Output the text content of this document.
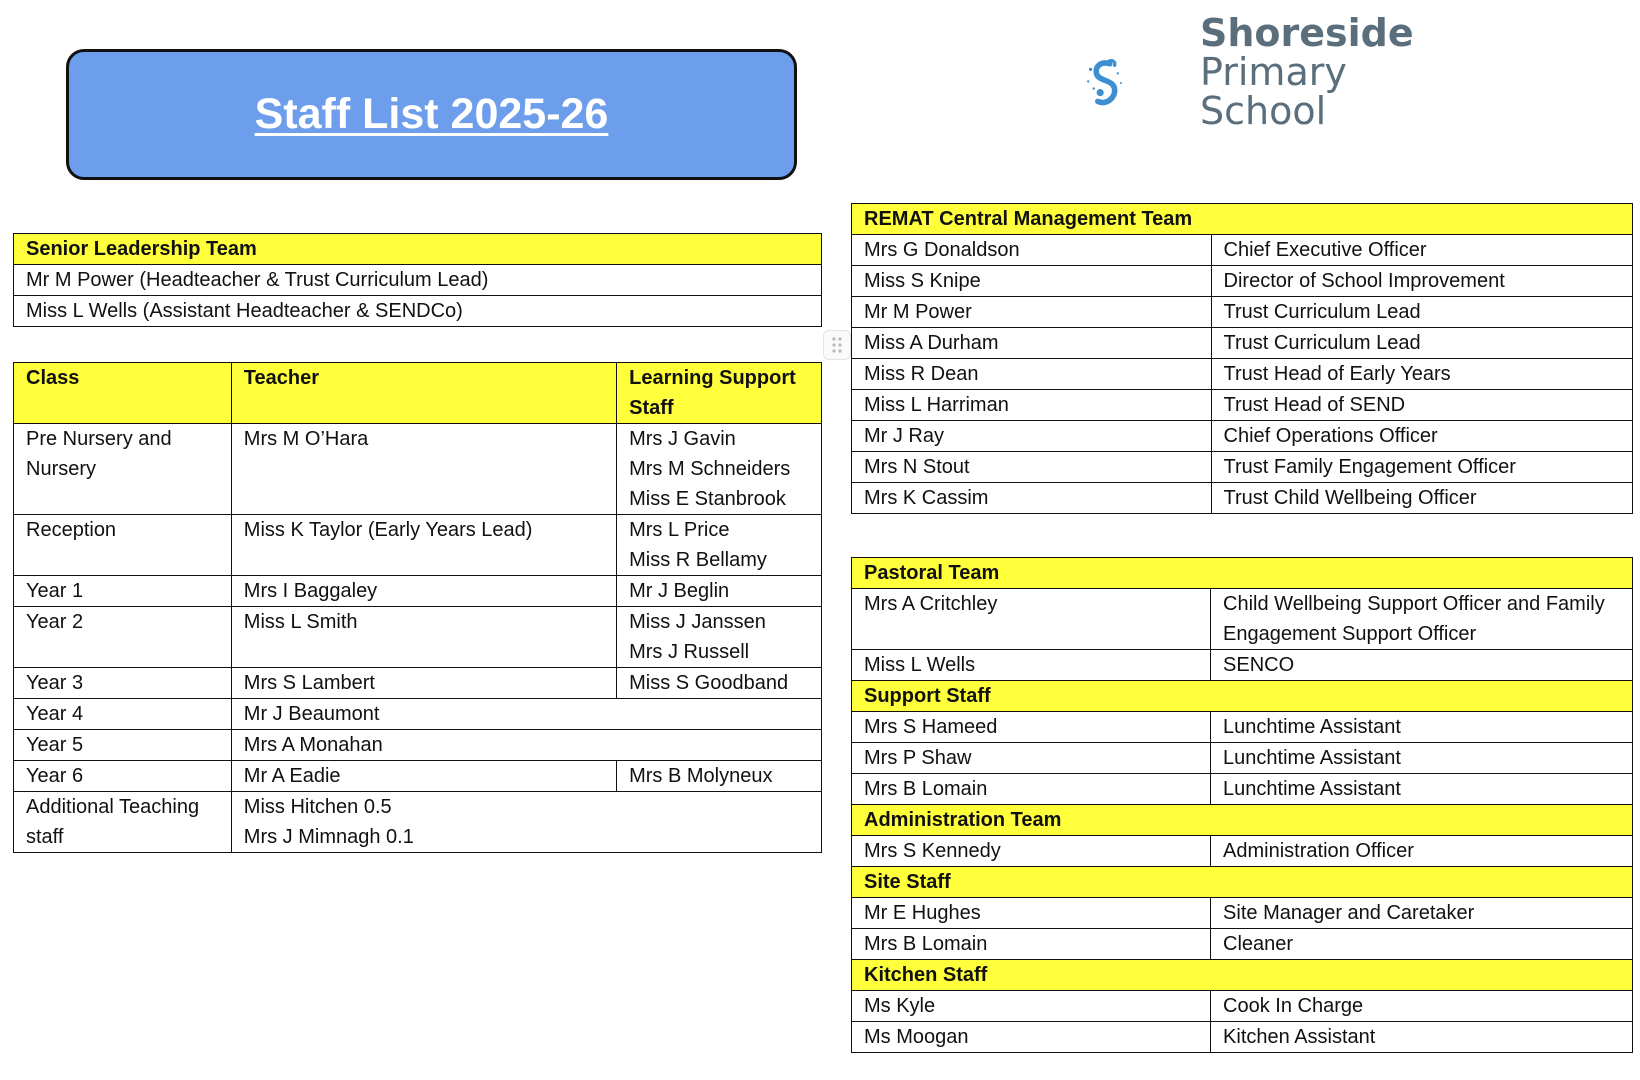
Staff List 2025-26
Shoreside
Primary
School
Senior Leadership Team
Mr M Power (Headteacher & Trust Curriculum Lead)
Miss L Wells (Assistant Headteacher & SENDCo)
Class	Teacher	Learning Support
Staff

Pre Nursery and
Nursery	Mrs M O’Hara	Mrs J Gavin
Mrs M Schneiders
Miss E Stanbrook

Reception	Miss K Taylor (Early Years Lead)	Mrs L Price
Miss R Bellamy

Year 1	Mrs I Baggaley	Mr J Beglin

Year 2	Miss L Smith	Miss J Janssen
Mrs J Russell

Year 3	Mrs S Lambert	Miss S Goodband

Year 4	Mr J Beaumont	

Year 5	Mrs A Monahan	

Year 6	Mr A Eadie	Mrs B Molyneux

Additional Teaching
staff	Miss Hitchen 0.5
Mrs J Mimnagh 0.1	
REMAT Central Management Team	
Mrs G Donaldson	Chief Executive Officer
Miss S Knipe	Director of School Improvement
Mr M Power	Trust Curriculum Lead
Miss A Durham	Trust Curriculum Lead
Miss R Dean	Trust Head of Early Years
Miss L Harriman	Trust Head of SEND
Mr J Ray	Chief Operations Officer
Mrs N Stout	Trust Family Engagement Officer
Mrs K Cassim	Trust Child Wellbeing Officer
Pastoral Team	
Mrs A Critchley	Child Wellbeing Support Officer and Family
Engagement Support Officer

Miss L Wells	SENCO

Support Staff	
Mrs S Hameed	Lunchtime Assistant

Mrs P Shaw	Lunchtime Assistant

Mrs B Lomain	Lunchtime Assistant

Administration Team	
Mrs S Kennedy	Administration Officer

Site Staff	
Mr E Hughes	Site Manager and Caretaker

Mrs B Lomain	Cleaner

Kitchen Staff	
Ms Kyle	Cook In Charge

Ms Moogan	Kitchen Assistant
